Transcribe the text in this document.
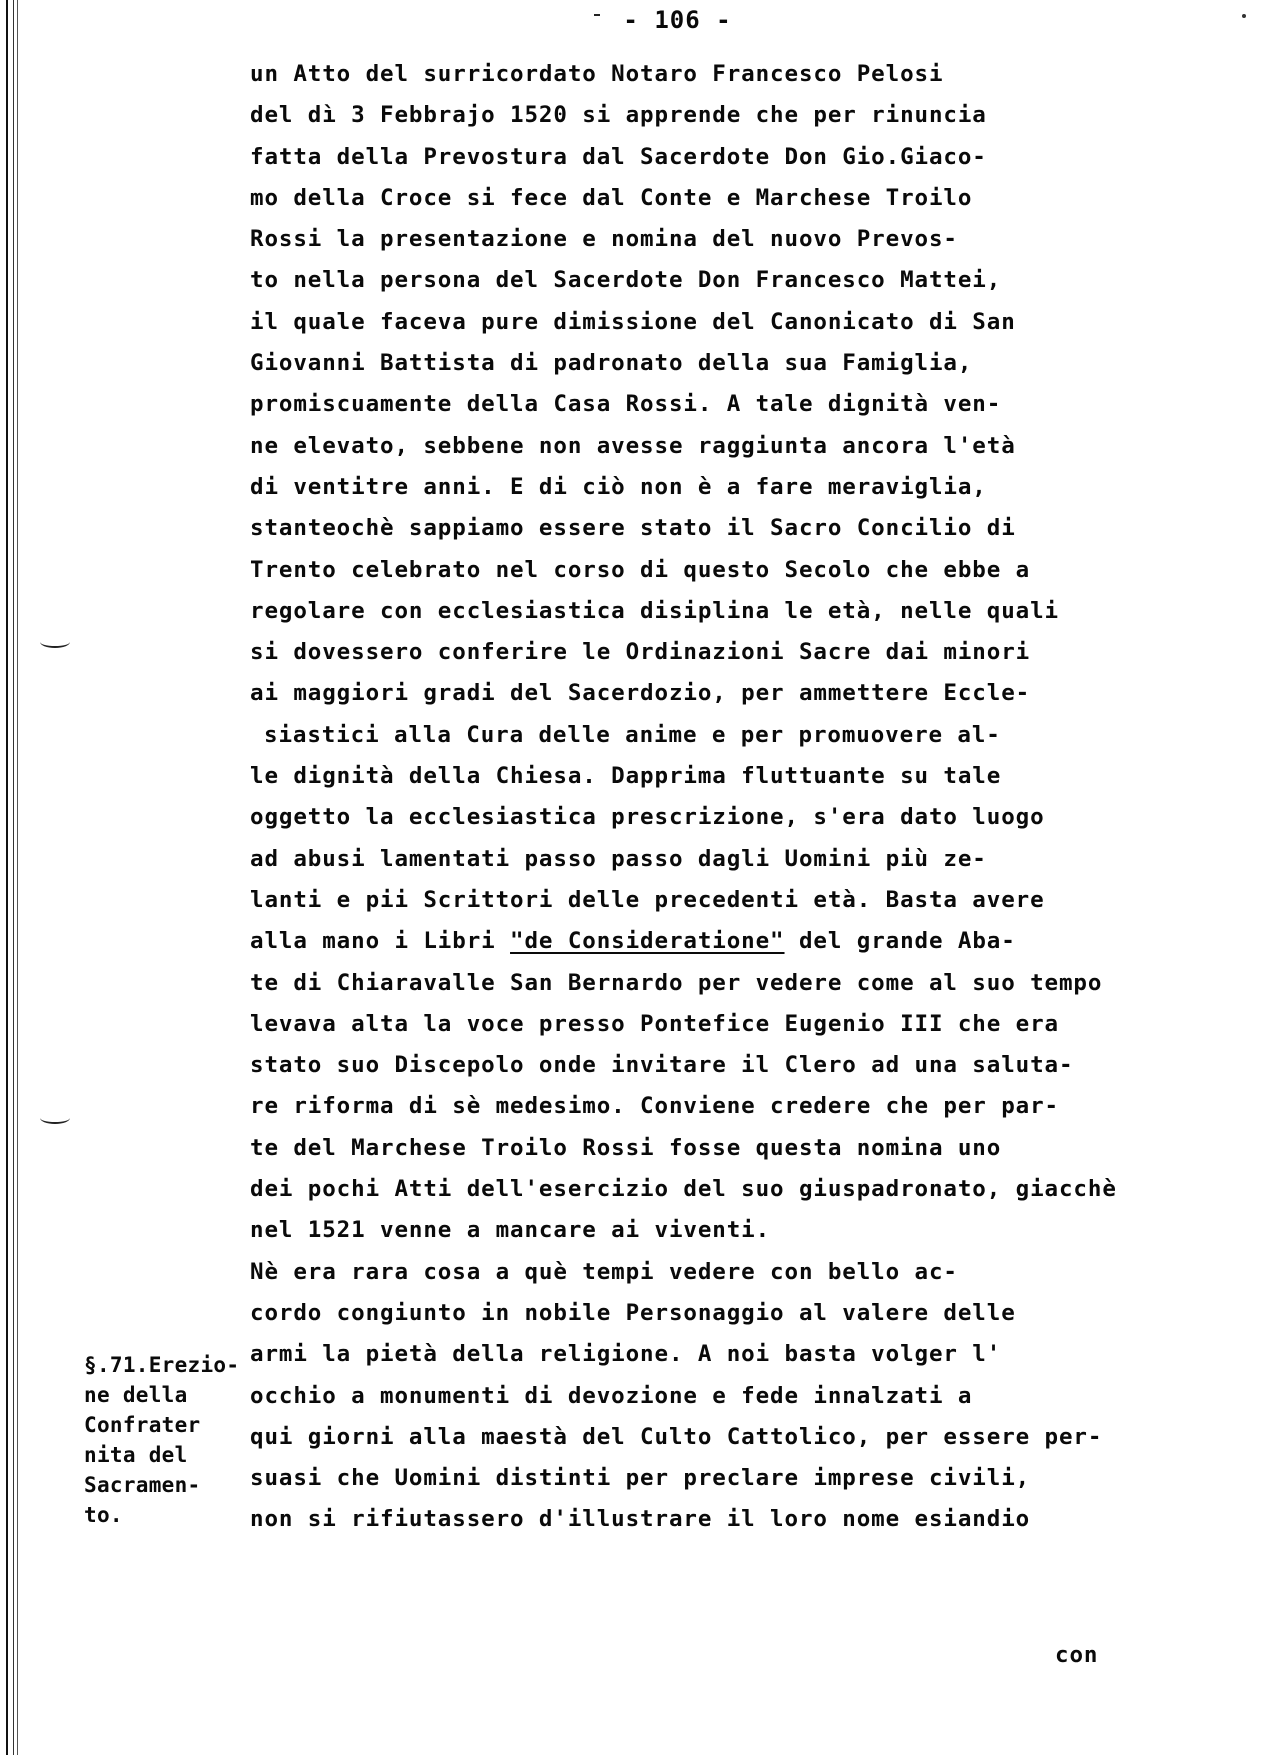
- 106 -
un Atto del surricordato Notaro Francesco Pelosi
del dì 3 Febbrajo 1520 si apprende che per rinuncia
fatta della Prevostura dal Sacerdote Don Gio.Giaco-
mo della Croce si fece dal Conte e Marchese Troilo
Rossi la presentazione e nomina del nuovo Prevos-
to nella persona del Sacerdote Don Francesco Mattei,
il quale faceva pure dimissione del Canonicato di San
Giovanni Battista di padronato della sua Famiglia,
promiscuamente della Casa Rossi. A tale dignità ven-
ne elevato, sebbene non avesse raggiunta ancora l'età
di ventitre anni. E di ciò non è a fare meraviglia,
stanteochè sappiamo essere stato il Sacro Concilio di
Trento celebrato nel corso di questo Secolo che ebbe a
regolare con ecclesiastica disiplina le età, nelle quali
si dovessero conferire le Ordinazioni Sacre dai minori
ai maggiori gradi del Sacerdozio, per ammettere Eccle-
siastici alla Cura delle anime e per promuovere al-
le dignità della Chiesa. Dapprima fluttuante su tale
oggetto la ecclesiastica prescrizione, s'era dato luogo
ad abusi lamentati passo passo dagli Uomini più ze-
lanti e pii Scrittori delle precedenti età. Basta avere
alla mano i Libri "de Consideratione" del grande Aba-
te di Chiaravalle San Bernardo per vedere come al suo tempo
levava alta la voce presso Pontefice Eugenio III che era
stato suo Discepolo onde invitare il Clero ad una saluta-
re riforma di sè medesimo. Conviene credere che per par-
te del Marchese Troilo Rossi fosse questa nomina uno
dei pochi Atti dell'esercizio del suo giuspadronato, giacchè
nel 1521 venne a mancare ai viventi.
Nè era rara cosa a què tempi vedere con bello ac-
cordo congiunto in nobile Personaggio al valere delle
armi la pietà della religione. A noi basta volger l'
occhio a monumenti di devozione e fede innalzati a
qui giorni alla maestà del Culto Cattolico, per essere per-
suasi che Uomini distinti per preclare imprese civili,
non si rifiutassero d'illustrare il loro nome esiandio
con
§.71.Erezio-
ne della
Confrater
nita del
Sacramen-
to.
